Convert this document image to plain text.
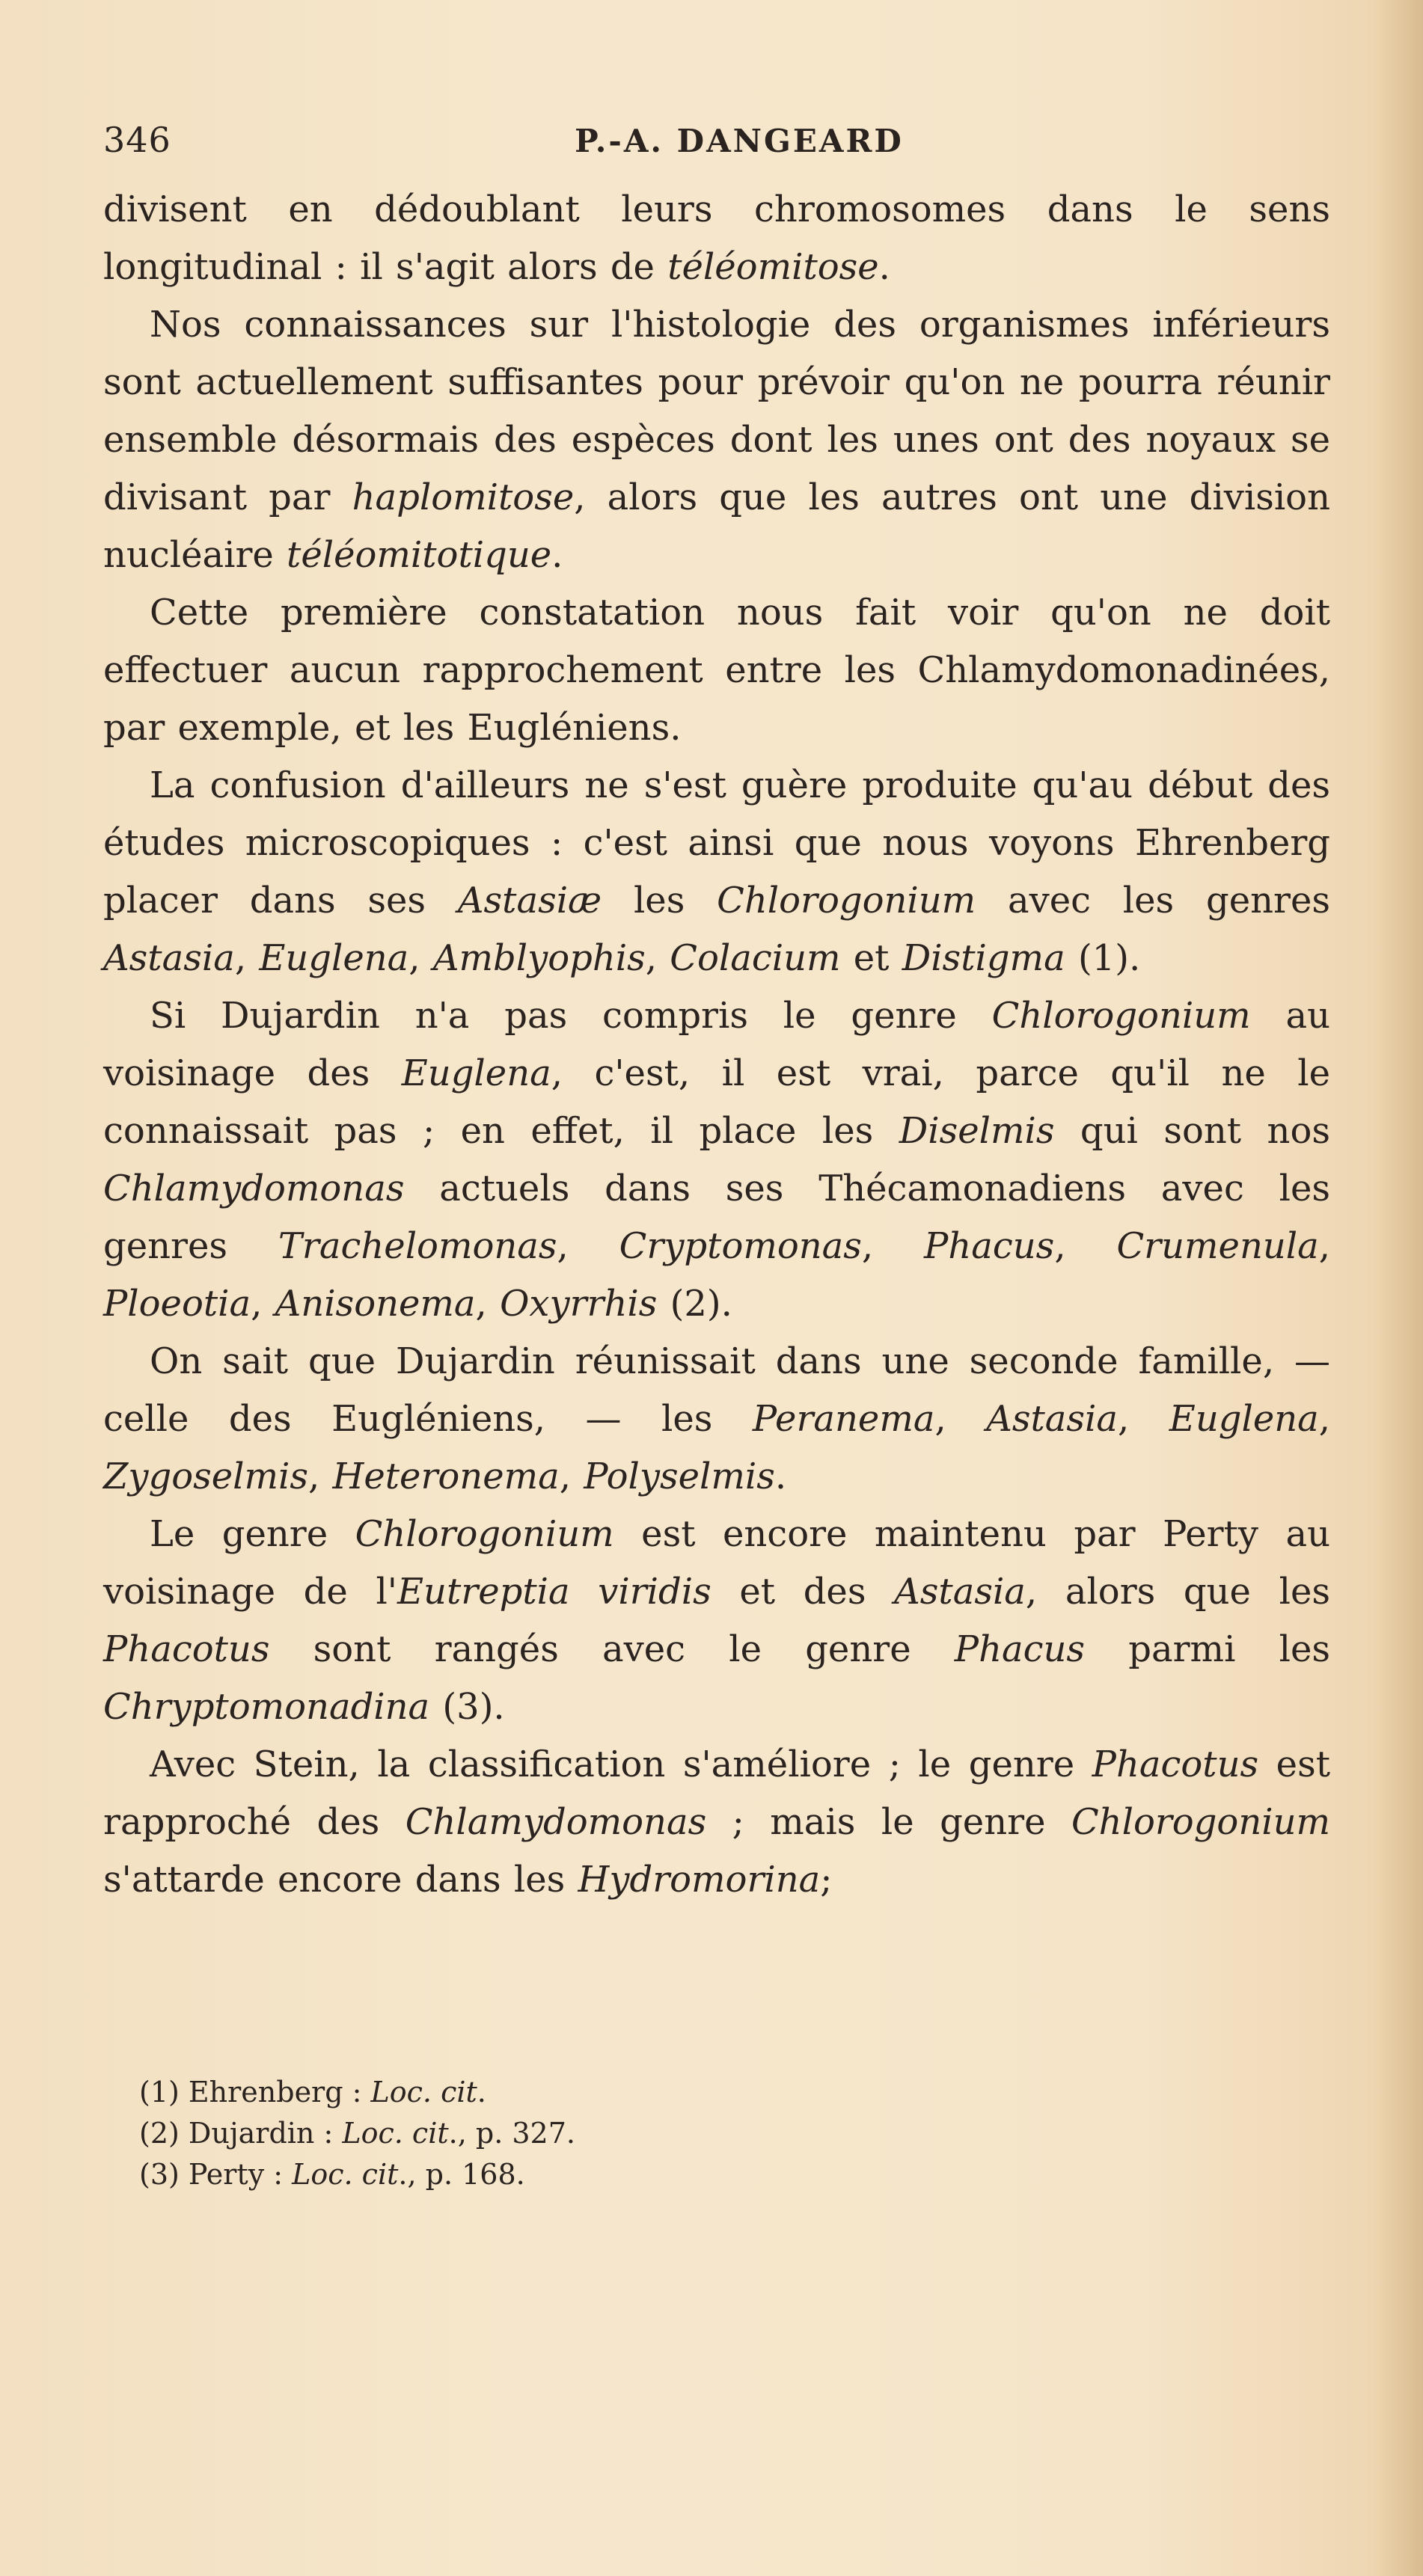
346	P.-A. DANGEARD

divisent en dédoublant leurs chromosomes dans le sens longitudinal : il s'agit alors de téléomitose.

Nos connaissances sur l'histologie des organismes inférieurs sont actuellement suffisantes pour prévoir qu'on ne pourra réunir ensemble désormais des espèces dont les unes ont des noyaux se divisant par haplomitose, alors que les autres ont une division nucléaire téléomitotique.

Cette première constatation nous fait voir qu'on ne doit effectuer aucun rapprochement entre les Chlamydomonadinées, par exemple, et les Eugléniens.

La confusion d'ailleurs ne s'est guère produite qu'au début des études microscopiques : c'est ainsi que nous voyons Ehrenberg placer dans ses Astasiæ les Chlorogonium avec les genres Astasia, Euglena, Amblyophis, Colacium et Distigma (1).

Si Dujardin n'a pas compris le genre Chlorogonium au voisinage des Euglena, c'est, il est vrai, parce qu'il ne le connaissait pas ; en effet, il place les Diselmis qui sont nos Chlamydomonas actuels dans ses Thécamonadiens avec les genres Trachelomonas, Cryptomonas, Phacus, Crumenula, Ploeotia, Anisonema, Oxyrrhis (2).

On sait que Dujardin réunissait dans une seconde famille, — celle des Eugléniens, — les Peranema, Astasia, Euglena, Zygoselmis, Heteronema, Polyselmis.

Le genre Chlorogonium est encore maintenu par Perty au voisinage de l'Eutreptia viridis et des Astasia, alors que les Phacotus sont rangés avec le genre Phacus parmi les Chryptomonadina (3).

Avec Stein, la classification s'améliore ; le genre Phacotus est rapproché des Chlamydomonas ; mais le genre Chlorogonium s'attarde encore dans les Hydromorina;

(1) Ehrenberg : Loc. cit.
(2) Dujardin : Loc. cit., p. 327.
(3) Perty : Loc. cit., p. 168.
